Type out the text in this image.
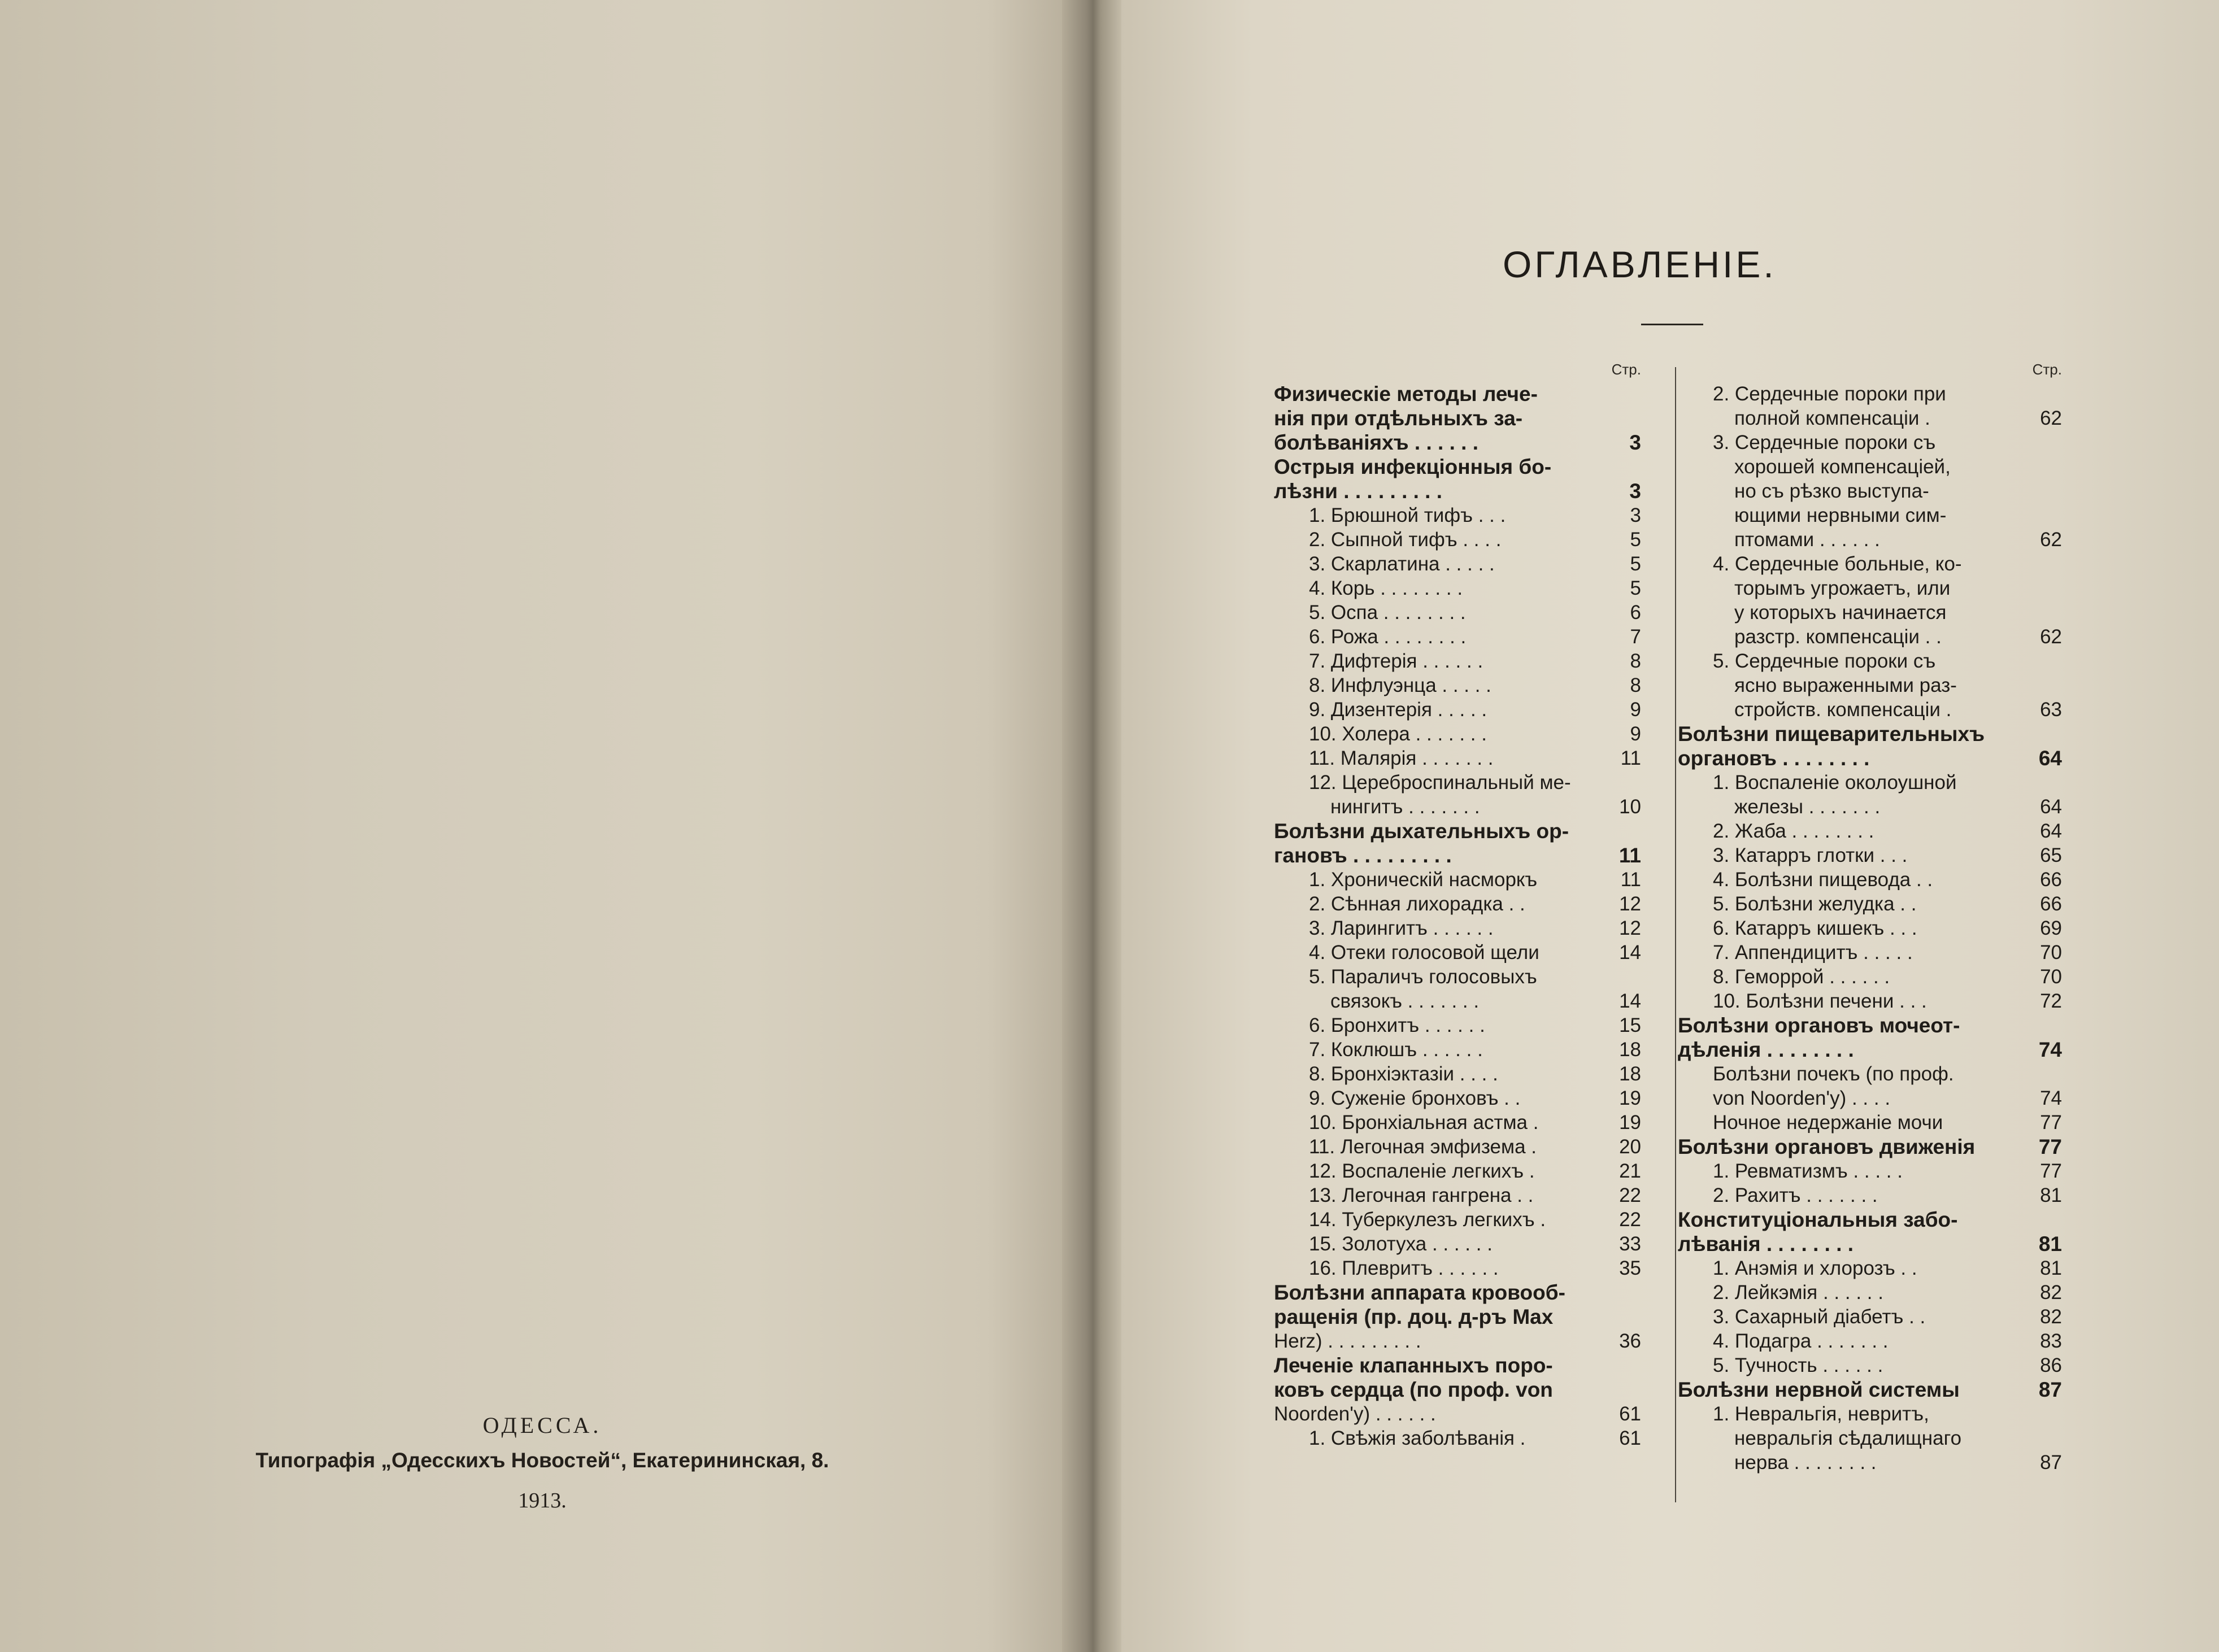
ОДЕССА.
Типографія „Одесскихъ Новостей“, Екатерининская, 8.
1913.
ОГЛАВЛЕНІЕ.
Стр.
Физическіе методы лече-
нія при отдѣльныхъ за-
болѣваніяхъ . . . . . .	3
Острыя инфекціонныя бо-
лѣзни . . . . . . . . .	3
1. Брюшной тифъ . . .	3
2. Сыпной тифъ . . . .	5
3. Скарлатина . . . . .	5
4. Корь . . . . . . . .	5
5. Оспа . . . . . . . .	6
6. Рожа . . . . . . . .	7
7. Дифтерія . . . . . .	8
8. Инфлуэнца . . . . .	8
9. Дизентерія . . . . .	9
10. Холера . . . . . . .	9
11. Малярія . . . . . . .	11
12. Цереброспинальный ме-
нингитъ . . . . . . .	10
Болѣзни дыхательныхъ ор-
гановъ . . . . . . . . .	11
1. Хроническій насморкъ	11
2. Сѣнная лихорадка . .	12
3. Ларингитъ . . . . . .	12
4. Отеки голосовой щели	14
5. Параличъ голосовыхъ
связокъ . . . . . . .	14
6. Бронхитъ . . . . . .	15
7. Коклюшъ . . . . . .	18
8. Бронхіэктазіи . . . .	18
9. Суженіе бронховъ . .	19
10. Бронхіальная астма .	19
11. Легочная эмфизема .	20
12. Воспаленіе легкихъ .	21
13. Легочная гангрена . .	22
14. Туберкулезъ легкихъ .	22
15. Золотуха . . . . . .	33
16. Плевритъ . . . . . .	35
Болѣзни аппарата кровооб-
ращенія (пр. доц. д-ръ Max
Herz) . . . . . . . . .	36
Леченіе клапанныхъ поро-
ковъ сердца (по проф. von
Noorden'y) . . . . . .	61
1. Свѣжія заболѣванія .	61
Стр.
2. Сердечные пороки при
полной компенсаціи .	62
3. Сердечные пороки съ
хорошей компенсаціей,
но съ рѣзко выступа-
ющими нервными сим-
птомами . . . . . .	62
4. Сердечные больные, ко-
торымъ угрожаетъ, или
у которыхъ начинается
разстр. компенсаціи . .	62
5. Сердечные пороки съ
ясно выраженными раз-
стройств. компенсаціи .	63
Болѣзни пищеварительныхъ
органовъ . . . . . . . .	64
1. Воспаленіе околоушной
железы . . . . . . .	64
2. Жаба . . . . . . . .	64
3. Катарръ глотки . . .	65
4. Болѣзни пищевода . .	66
5. Болѣзни желудка . .	66
6. Катарръ кишекъ . . .	69
7. Аппендицитъ . . . . .	70
8. Геморрой . . . . . .	70
10. Болѣзни печени . . .	72
Болѣзни органовъ мочеот-
дѣленія . . . . . . . .	74
Болѣзни почекъ (по проф.
von Noorden'y) . . . .	74
Ночное недержаніе мочи	77
Болѣзни органовъ движенія	77
1. Ревматизмъ . . . . .	77
2. Рахитъ . . . . . . .	81
Конституціональныя забо-
лѣванія . . . . . . . .	81
1. Анэмія и хлорозъ . .	81
2. Лейкэмія . . . . . .	82
3. Сахарный діабетъ . .	82
4. Подагра . . . . . . .	83
5. Тучность . . . . . .	86
Болѣзни нервной системы	87
1. Невральгія, невритъ,
невральгія сѣдалищнаго
нерва . . . . . . . .	87
